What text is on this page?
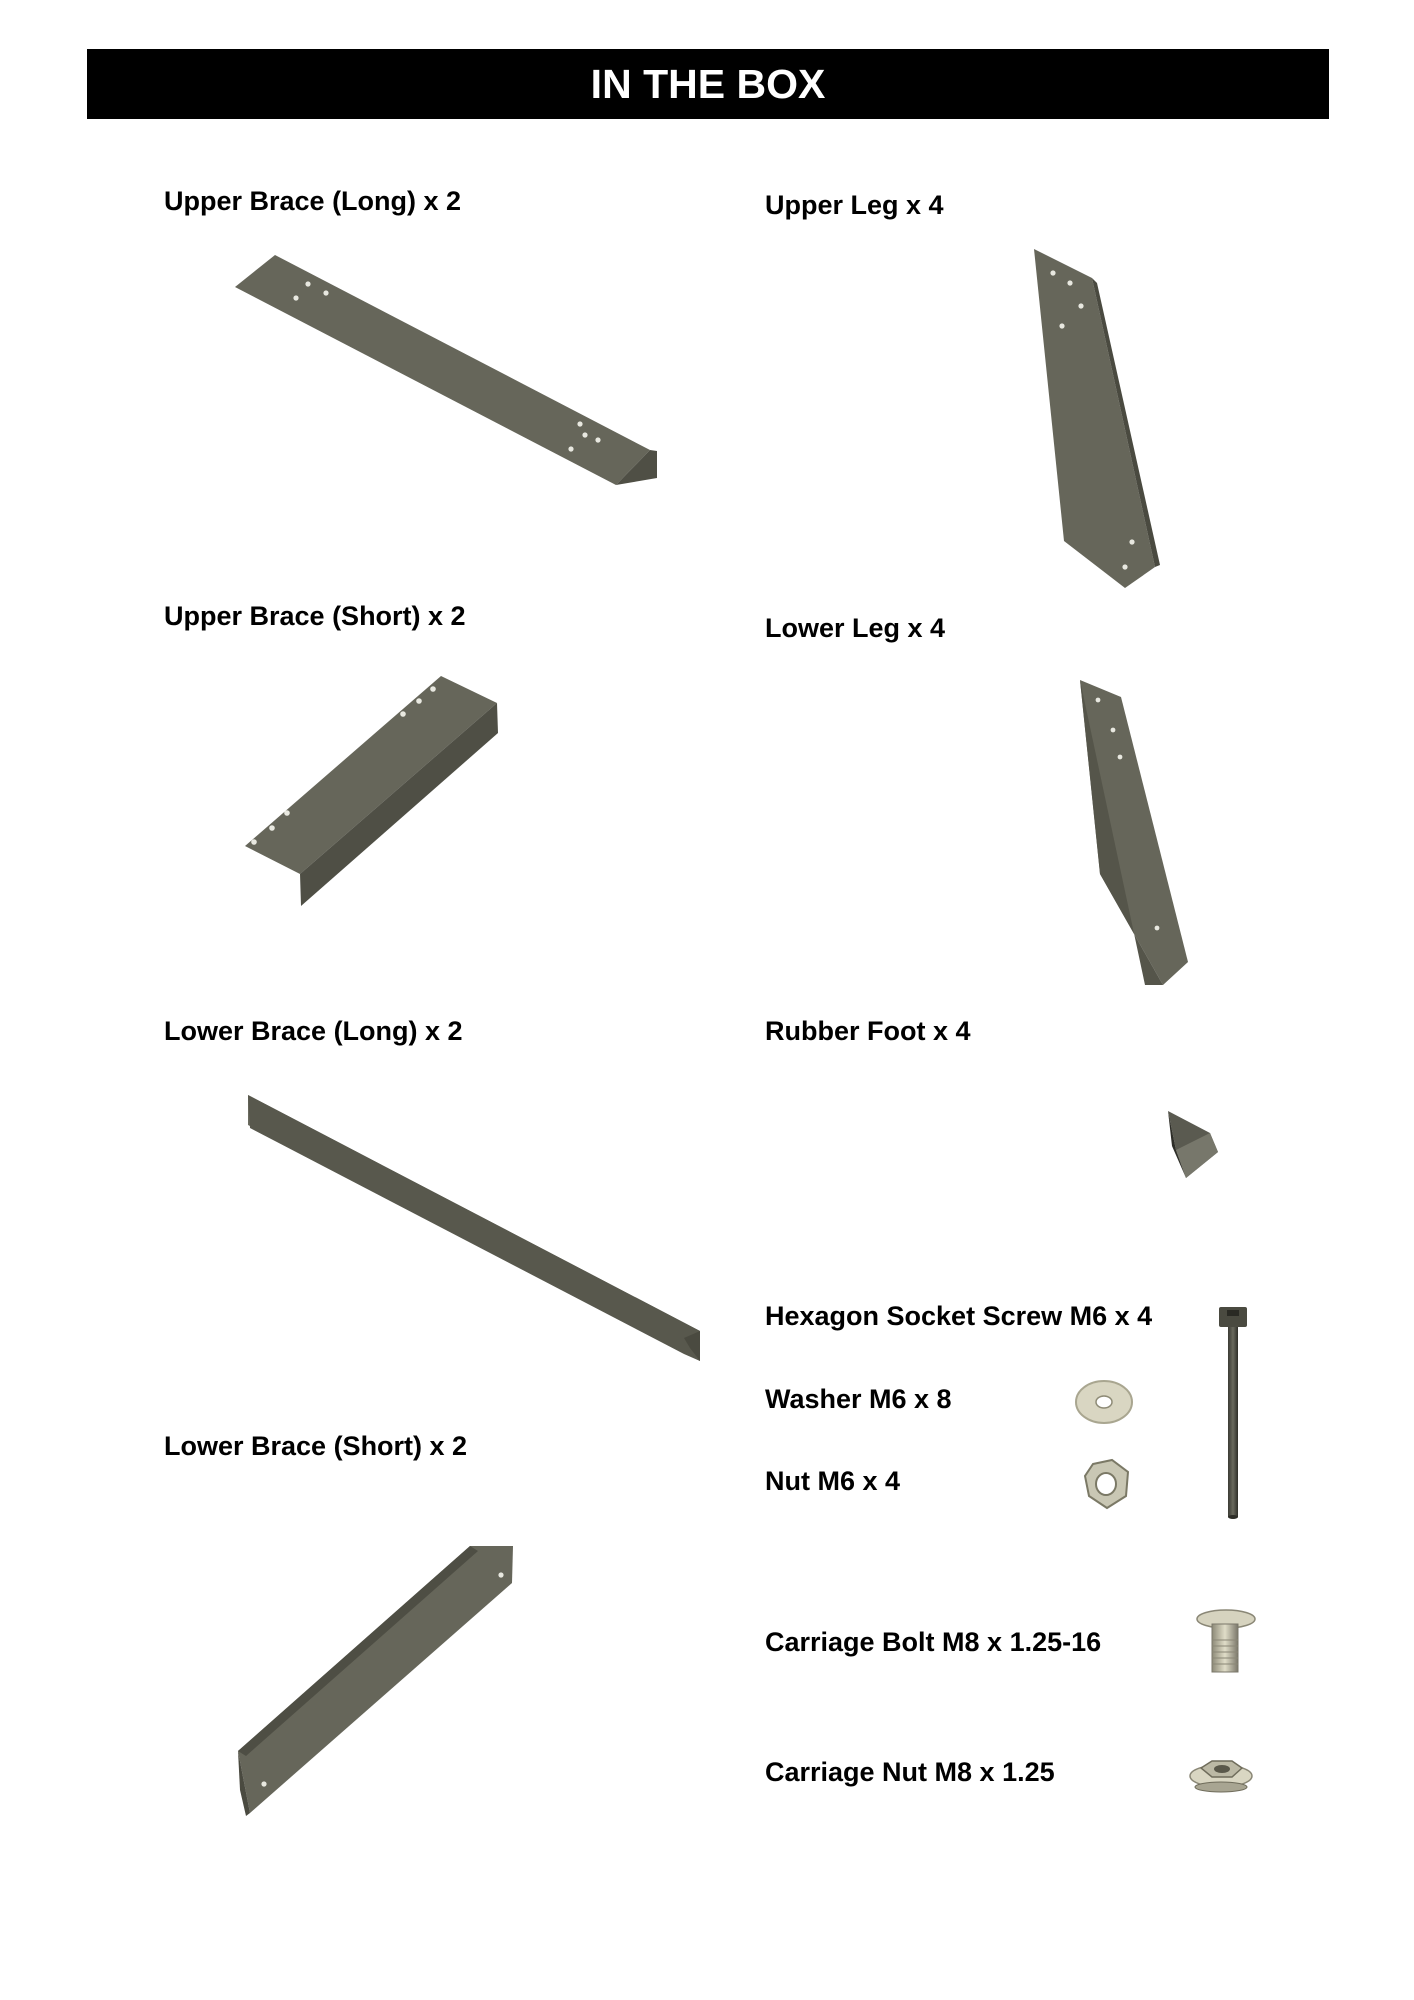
IN THE BOX
Upper Brace (Long) x 2
Upper Brace (Short) x 2
Lower Brace (Long) x 2
Lower Brace (Short) x 2
Upper Leg x 4
Lower Leg x 4
Rubber Foot x 4
Hexagon Socket Screw M6 x 4
Washer M6 x 8
Nut M6 x 4
Carriage Bolt M8 x 1.25-16
Carriage Nut M8 x 1.25
